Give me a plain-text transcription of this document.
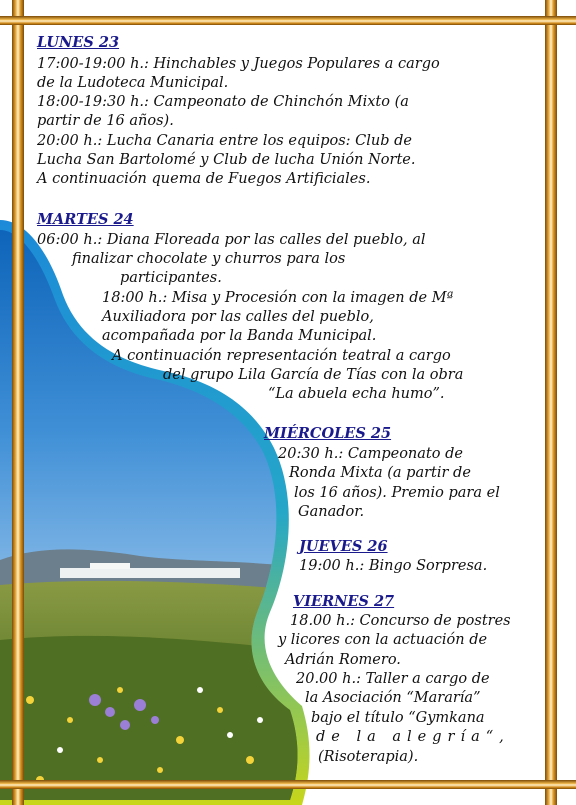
LUNES 23
17:00-19:00 h.: Hinchables y Juegos Populares a cargo
de la Ludoteca Municipal.
18:00-19:30 h.: Campeonato de Chinchón Mixto (a
partir de 16 años).
20:00 h.: Lucha Canaria entre los equipos: Club de
Lucha San Bartolomé y Club de lucha Unión Norte.
A continuación quema de Fuegos Artificiales.
MARTES 24
06:00 h.: Diana Floreada por las calles del pueblo, al
finalizar chocolate y churros para los
participantes.
18:00 h.: Misa y Procesión con la imagen de Mª
Auxiliadora por las calles del pueblo,
acompañada por la Banda Municipal.
A continuación representación teatral a cargo
del grupo Lila García de Tías con la obra
“La abuela echa humo”.
MIÉRCOLES 25
20:30 h.: Campeonato de
Ronda Mixta (a partir de
los 16 años). Premio para el
Ganador.
JUEVES 26
19:00 h.: Bingo Sorpresa.
VIERNES 27
18.00 h.: Concurso de postres
y licores con la actuación de
Adrián Romero.
20.00 h.: Taller a cargo de
la Asociación “Mararía”
bajo el título “Gymkana
de la alegría“,
(Risoterapia).
